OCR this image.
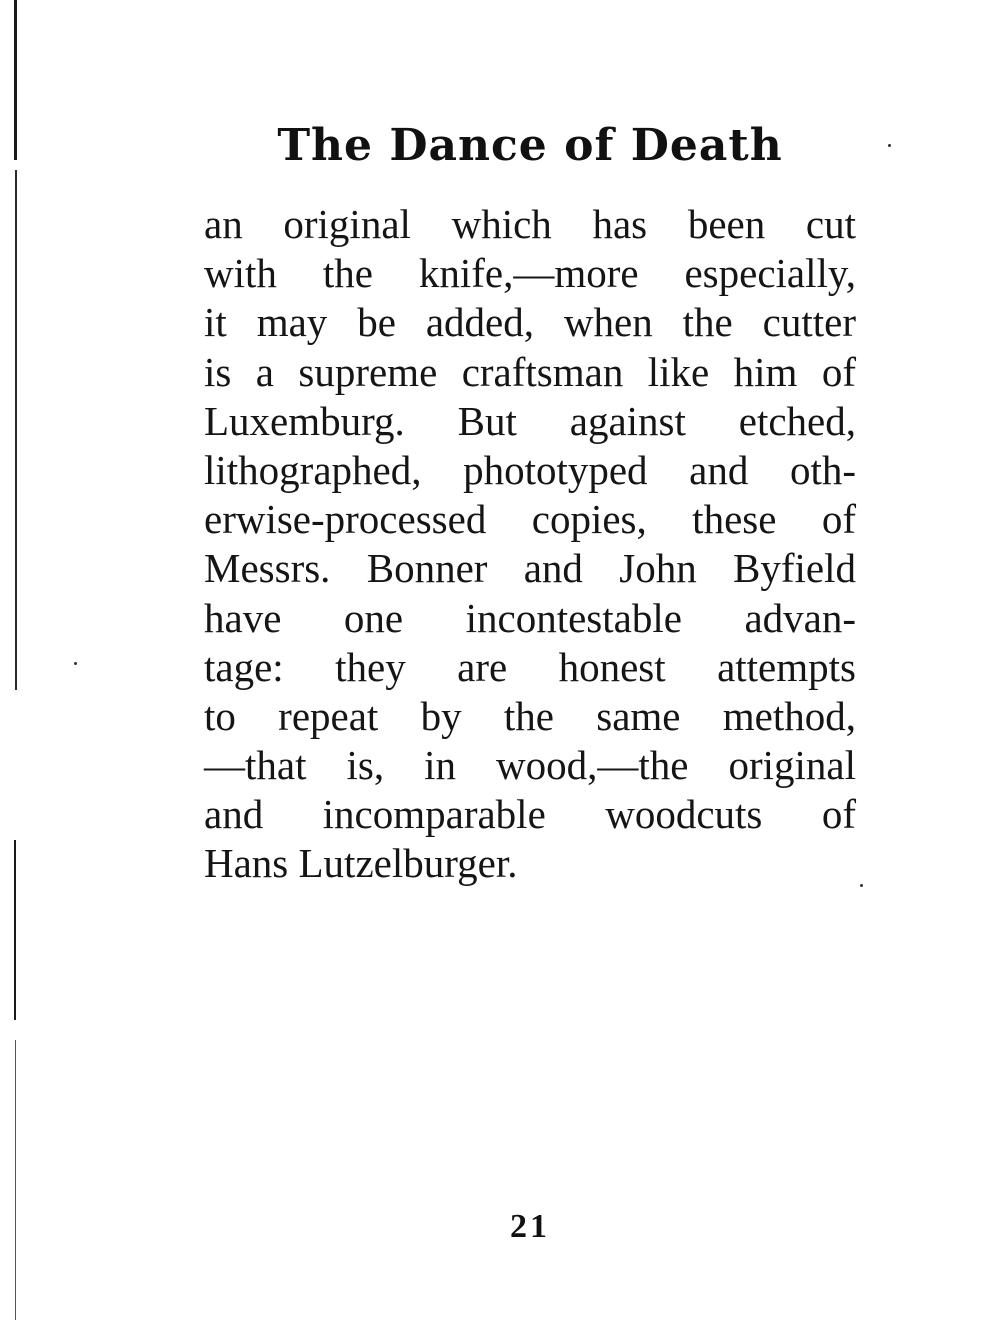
The Dance of Death
an original which has been cut
with the knife,—more especially,
it may be added, when the cutter
is a supreme craftsman like him of
Luxemburg. But against etched,
lithographed, phototyped and oth-
erwise-processed copies, these of
Messrs. Bonner and John Byfield
have one incontestable advan-
tage: they are honest attempts
to repeat by the same method,
—that is, in wood,—the original
and incomparable woodcuts of
Hans Lutzelburger.
21
